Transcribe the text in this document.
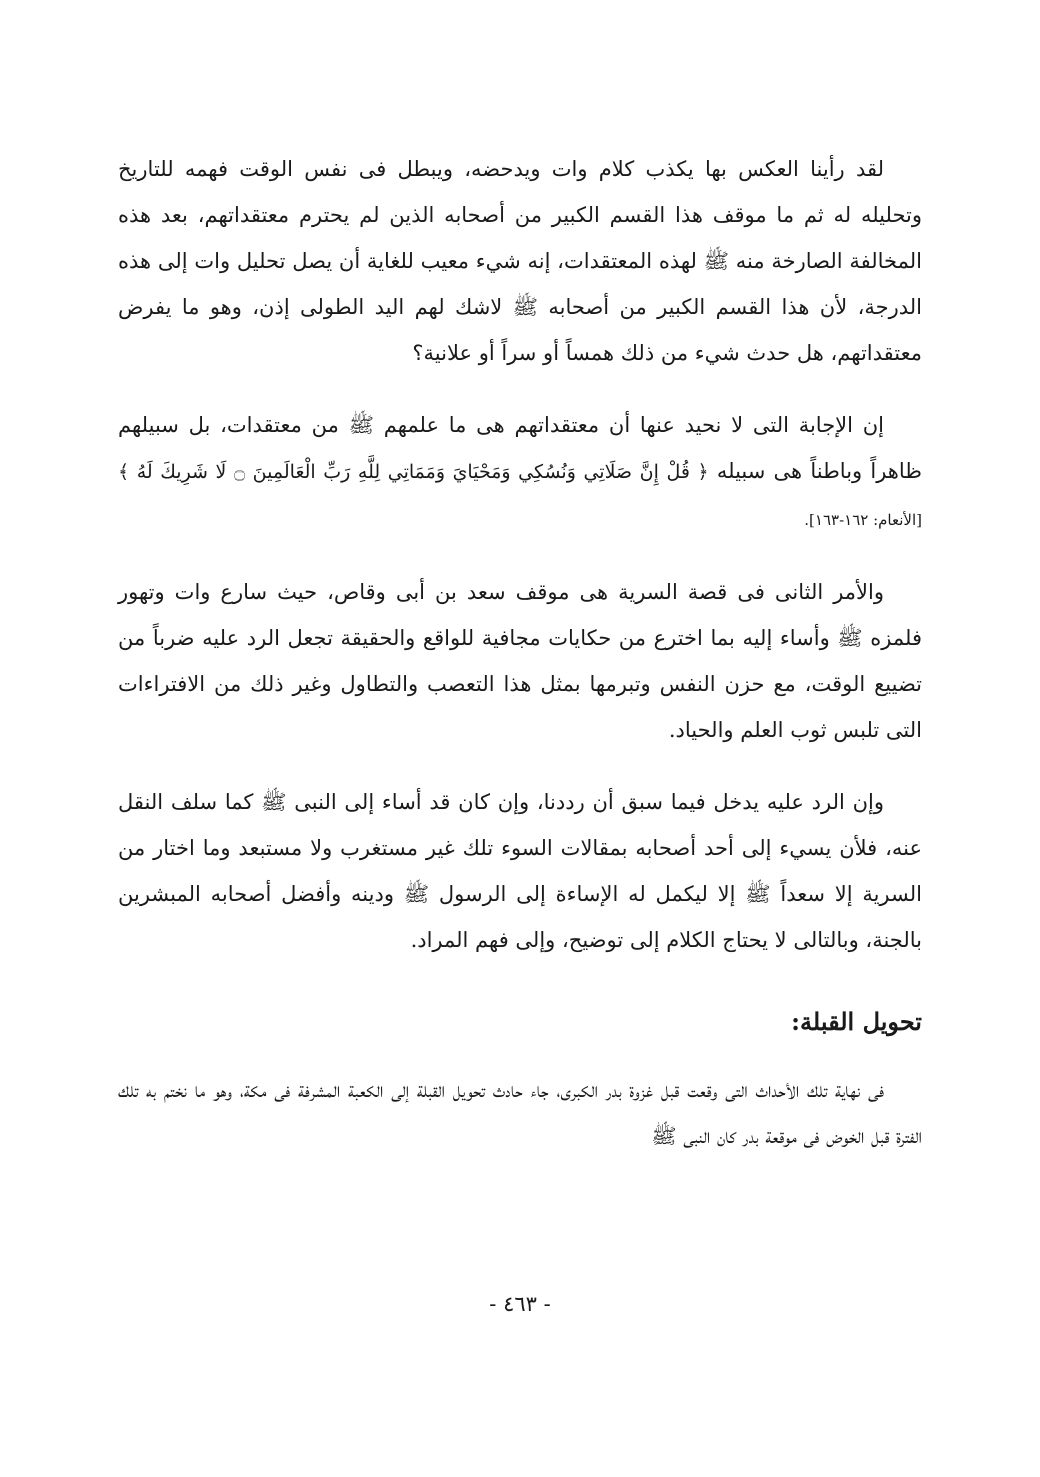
لقد رأينا العكس بها يكذب كلام وات ويدحضه، ويبطل فى نفس الوقت فهمه للتاريخ وتحليله له ثم ما موقف هذا القسم الكبير من أصحابه الذين لم يحترم معتقداتهم، بعد هذه المخالفة الصارخة منه ﷺ لهذه المعتقدات، إنه شيء معيب للغاية أن يصل تحليل وات إلى هذه الدرجة، لأن هذا القسم الكبير من أصحابه ﷺ لاشك لهم اليد الطولى إذن، وهو ما يفرض معتقداتهم، هل حدث شيء من ذلك همساً أو سراً أو علانية؟

إن الإجابة التى لا نحيد عنها أن معتقداتهم هى ما علمهم ﷺ من معتقدات، بل سبيلهم ظاهراً وباطناً هى سبيله ﴿ قُلْ إِنَّ صَلَاتِي وَنُسُكِي وَمَحْيَايَ وَمَمَاتِي لِلَّهِ رَبِّ الْعَالَمِينَ ۝ لَا شَرِيكَ لَهُ ﴾ [الأنعام: ١٦٢-١٦٣].

والأمر الثانى فى قصة السرية هى موقف سعد بن أبى وقاص، حيث سارع وات وتهور فلمزه ﷺ وأساء إليه بما اخترع من حكايات مجافية للواقع والحقيقة تجعل الرد عليه ضرباً من تضييع الوقت، مع حزن النفس وتبرمها بمثل هذا التعصب والتطاول وغير ذلك من الافتراءات التى تلبس ثوب العلم والحياد.

وإن الرد عليه يدخل فيما سبق أن رددنا، وإن كان قد أساء إلى النبى ﷺ كما سلف النقل عنه، فلأن يسيء إلى أحد أصحابه بمقالات السوء تلك غير مستغرب ولا مستبعد وما اختار من السرية إلا سعداً ﷺ إلا ليكمل له الإساءة إلى الرسول ﷺ ودينه وأفضل أصحابه المبشرين بالجنة، وبالتالى لا يحتاج الكلام إلى توضيح، وإلى فهم المراد.

تحويل القبلة:

فى نهاية تلك الأحداث التى وقعت قبل غزوة بدر الكبرى، جاء حادث تحويل القبلة إلى الكعبة المشرفة فى مكة، وهو ما نختم به تلك الفترة قبل الخوض فى موقعة بدر كان النبى ﷺ

- ٤٦٣ -
